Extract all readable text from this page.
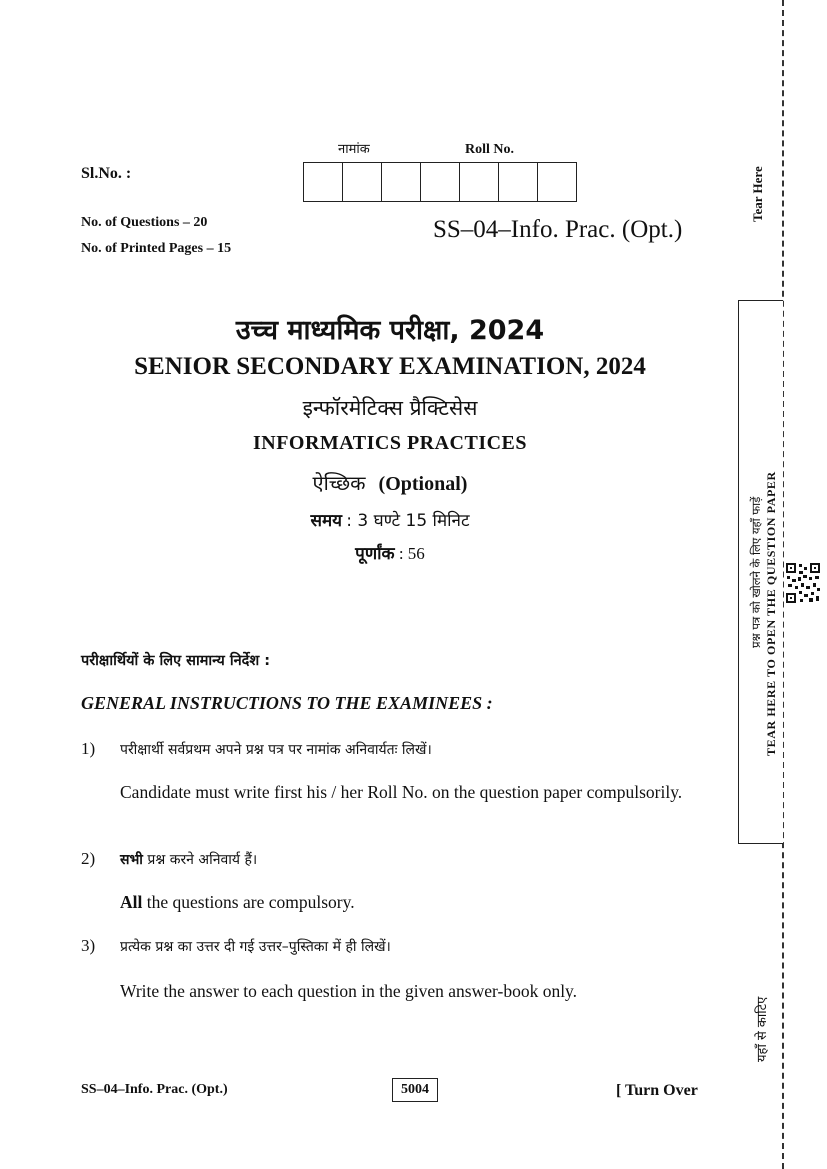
नामांक	Roll No.
Sl.No. :
No. of Questions – 20
No. of Printed Pages – 15
SS–04–Info. Prac. (Opt.)
उच्च माध्यमिक परीक्षा, 2024
SENIOR SECONDARY EXAMINATION, 2024
इन्फॉरमेटिक्स प्रैक्टिसेस
INFORMATICS PRACTICES
ऐच्छिक (Optional)
समय : 3 घण्टे 15 मिनिट
पूर्णांक : 56
परीक्षार्थियों के लिए सामान्य निर्देश :
GENERAL INSTRUCTIONS TO THE EXAMINEES :
1) परीक्षार्थी सर्वप्रथम अपने प्रश्न पत्र पर नामांक अनिवार्यतः लिखें।
Candidate must write first his / her Roll No. on the question paper compulsorily.
2) सभी प्रश्न करने अनिवार्य हैं।
All the questions are compulsory.
3) प्रत्येक प्रश्न का उत्तर दी गई उत्तर–पुस्तिका में ही लिखें।
Write the answer to each question in the given answer-book only.
SS–04–Info. Prac. (Opt.)	5004	[ Turn Over
Tear Here
प्रश्न पत्र को खोलने के लिए यहाँ फाड़ें TEAR HERE TO OPEN THE QUESTION PAPER
यहाँ से काटिए
